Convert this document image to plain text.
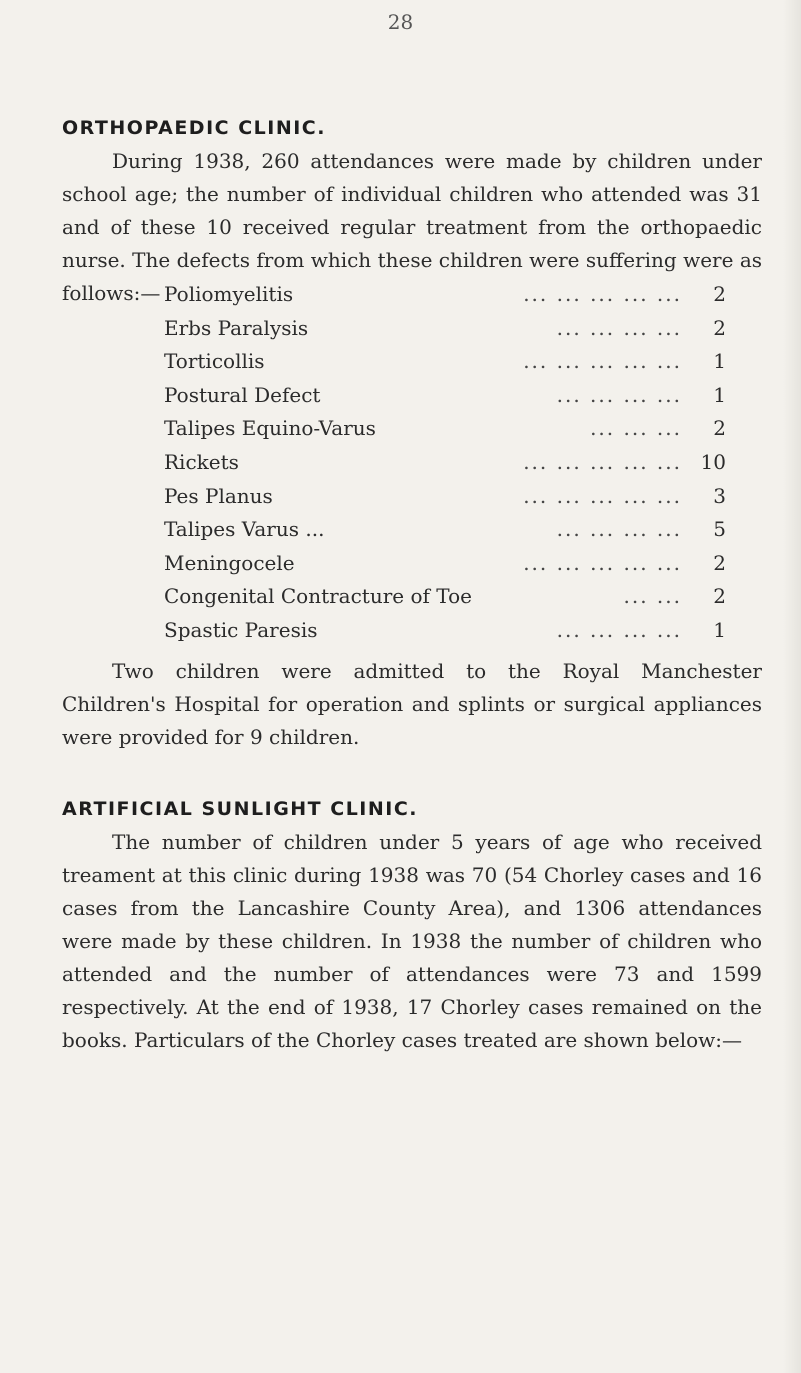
28
ORTHOPAEDIC CLINIC.

During 1938, 260 attendances were made by children under school age; the number of individual children who attended was 31 and of these 10 received regular treatment from the orthopaedic nurse. The defects from which these children were suffering were as follows:— Poliomyelitis	... ... ... ... ...	2
Erbs Paralysis	... ... ... ...	2
Torticollis	... ... ... ... ...	1
Postural Defect	... ... ... ...	1
Talipes Equino-Varus	... ... ...	2
Rickets	... ... ... ... ... 10
Pes Planus	... ... ... ... ...	3
Talipes Varus ...	... ... ... ...	5
Meningocele	... ... ... ... ...	2
Congenital Contracture of Toe	... ...	2
Spastic Paresis	... ... ... ...	1

Two children were admitted to the Royal Manchester Children's Hospital for operation and splints or surgical appliances were provided for 9 children.

ARTIFICIAL SUNLIGHT CLINIC.

The number of children under 5 years of age who received treament at this clinic during 1938 was 70 (54 Chorley cases and 16 cases from the Lancashire County Area), and 1306 attendances were made by these children. In 1938 the number of children who attended and the number of attendances were 73 and 1599 respectively. At the end of 1938, 17 Chorley cases remained on the books. Particulars of the Chorley cases treated are shown below:—
